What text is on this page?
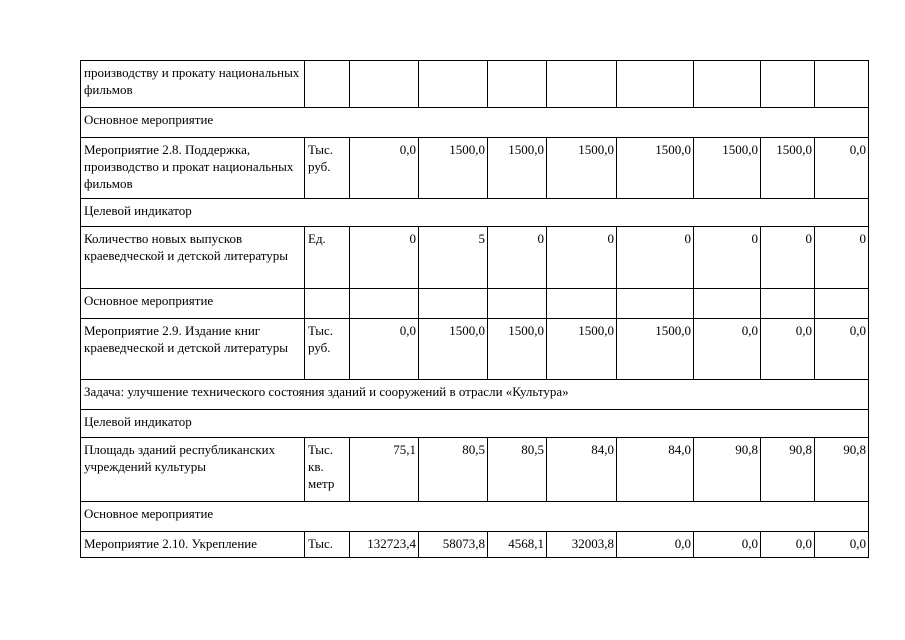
производству и прокату национальных фильмов									
Основное мероприятие									
Мероприятие 2.8. Поддержка, производство и прокат национальных фильмов	Тыс. руб.	0,0	1500,0	1500,0	1500,0	1500,0	1500,0	1500,0	0,0
Целевой индикатор									
Количество новых выпусков краеведческой и детской литературы	Ед.	0	5	0	0	0	0	0	0
Основное мероприятие									
Мероприятие 2.9. Издание книг краеведческой и детской литературы	Тыс. руб.	0,0	1500,0	1500,0	1500,0	1500,0	0,0	0,0	0,0
Задача: улучшение технического состояния зданий и сооружений в отрасли «Культура»									
Целевой индикатор									
Площадь зданий республиканских учреждений культуры	Тыс. кв. метр	75,1	80,5	80,5	84,0	84,0	90,8	90,8	90,8
Основное мероприятие									
Мероприятие 2.10. Укрепление	Тыс.	132723,4	58073,8	4568,1	32003,8	0,0	0,0	0,0	0,0
